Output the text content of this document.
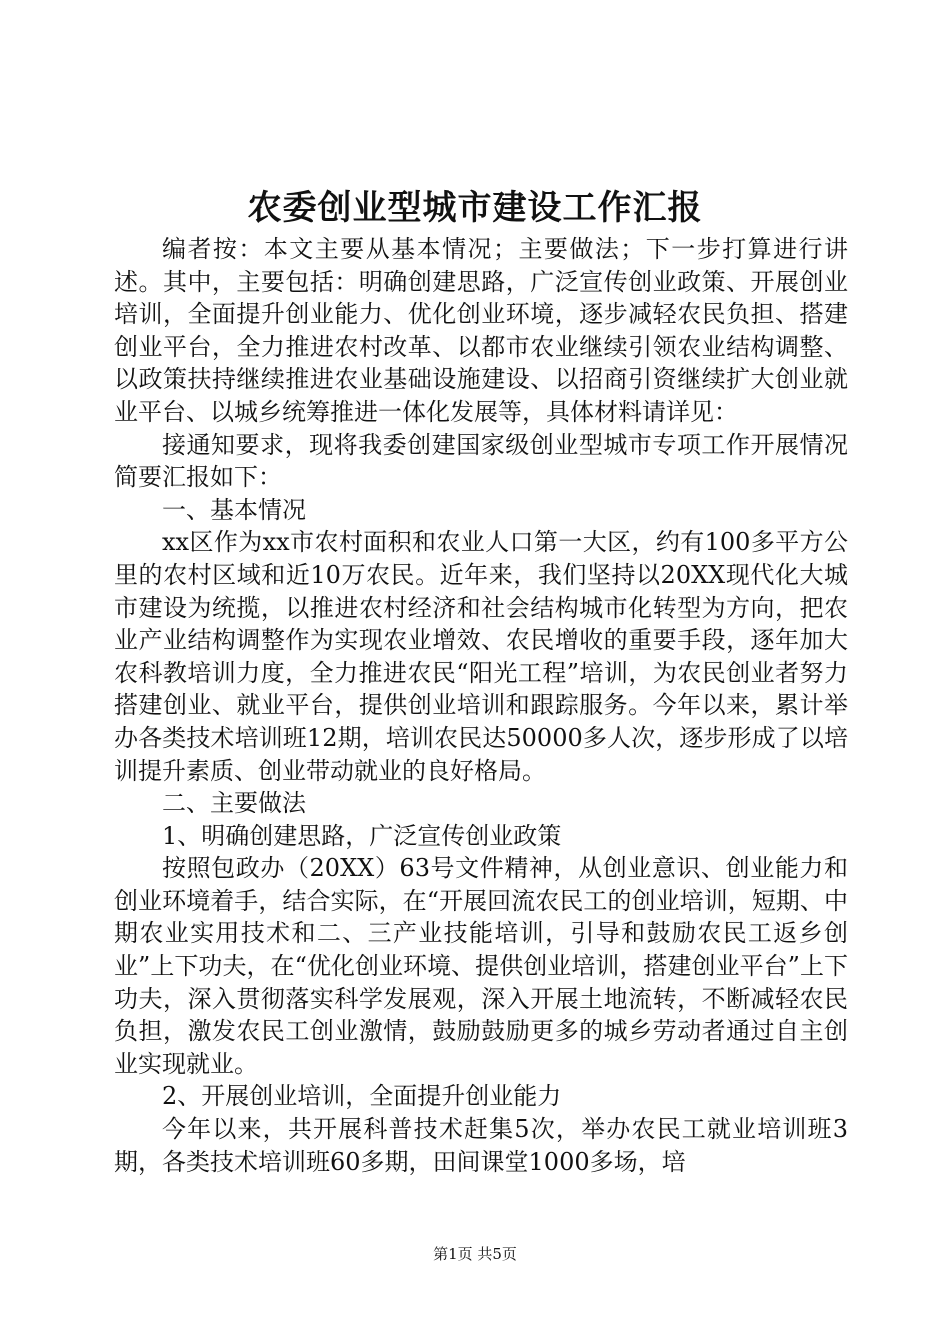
农委创业型城市建设工作汇报

编者按：本文主要从基本情况；主要做法；下一步打算进行讲述。其中，主要包括：明确创建思路，广泛宣传创业政策、开展创业培训，全面提升创业能力、优化创业环境，逐步减轻农民负担、搭建创业平台，全力推进农村改革、以都市农业继续引领农业结构调整、以政策扶持继续推进农业基础设施建设、以招商引资继续扩大创业就业平台、以城乡统筹推进一体化发展等，具体材料请详见：

接通知要求，现将我委创建国家级创业型城市专项工作开展情况简要汇报如下：

一、基本情况

xx区作为xx市农村面积和农业人口第一大区，约有100多平方公里的农村区域和近10万农民。近年来，我们坚持以20XX现代化大城市建设为统揽，以推进农村经济和社会结构城市化转型为方向，把农业产业结构调整作为实现农业增效、农民增收的重要手段，逐年加大农科教培训力度，全力推进农民“阳光工程”培训，为农民创业者努力搭建创业、就业平台，提供创业培训和跟踪服务。今年以来，累计举办各类技术培训班12期，培训农民达50000多人次，逐步形成了以培训提升素质、创业带动就业的良好格局。

二、主要做法

1、明确创建思路，广泛宣传创业政策

按照包政办（20XX）63号文件精神，从创业意识、创业能力和创业环境着手，结合实际，在“开展回流农民工的创业培训，短期、中期农业实用技术和二、三产业技能培训，引导和鼓励农民工返乡创业”上下功夫，在“优化创业环境、提供创业培训，搭建创业平台”上下功夫，深入贯彻落实科学发展观，深入开展土地流转，不断减轻农民负担，激发农民工创业激情，鼓励鼓励更多的城乡劳动者通过自主创业实现就业。

2、开展创业培训，全面提升创业能力

今年以来，共开展科普技术赶集5次，举办农民工就业培训班3期，各类技术培训班60多期，田间课堂1000多场，培

第1页 共5页
